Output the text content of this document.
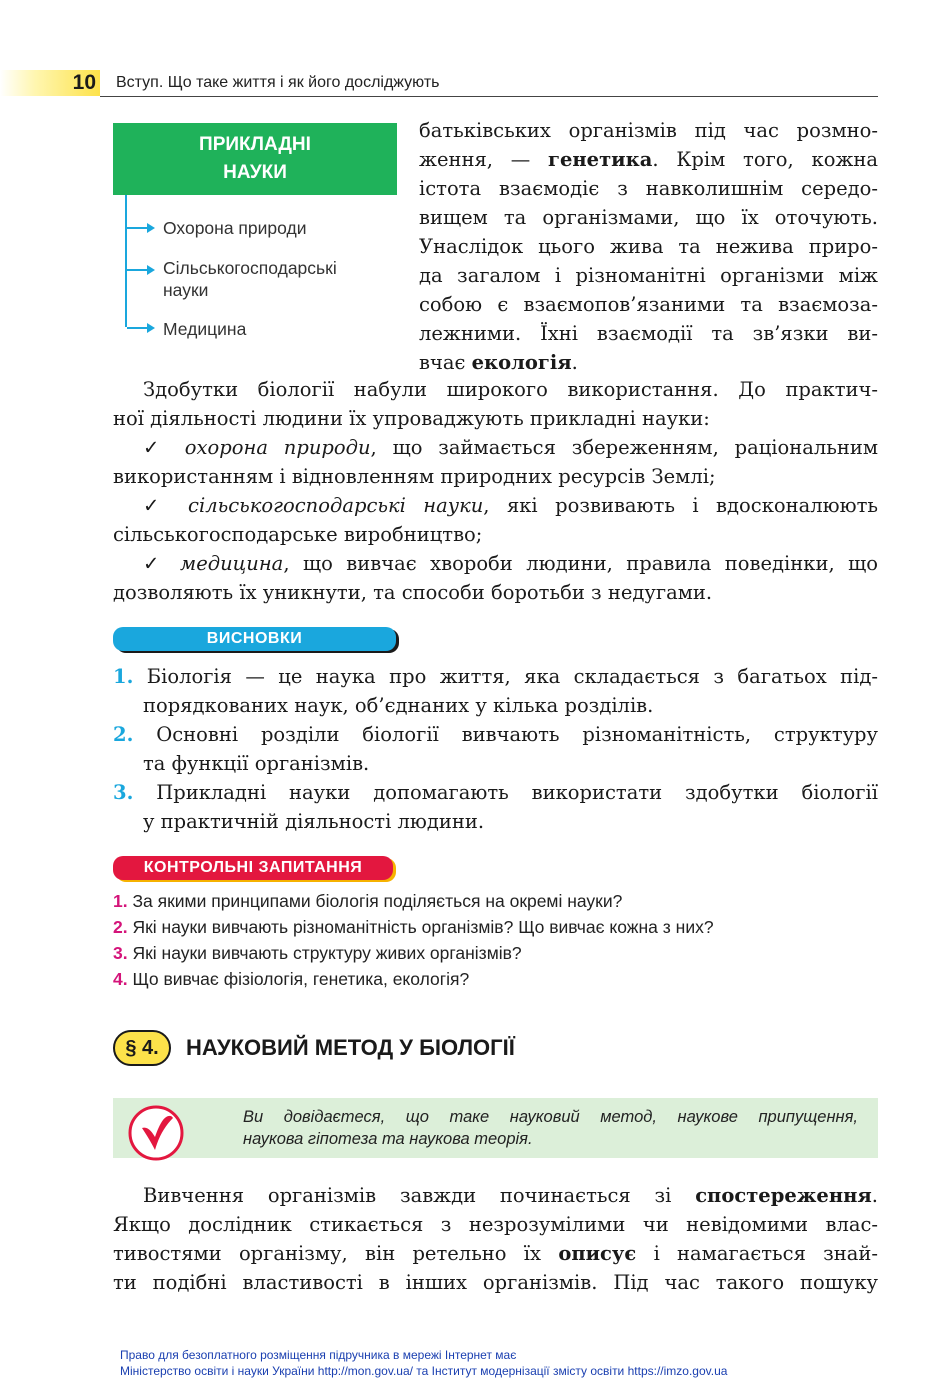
10 Вступ. Що таке життя і як його досліджують
ПРИКЛАДНІ
НАУКИ
Охорона природи
Сільськогосподарські
науки
Медицина
батьківських організмів під час розмно-
ження, — генетика. Крім того, кожна
істота взаємодіє з навколишнім середо-
вищем та організмами, що їх оточують.
Унаслідок цього жива та нежива приро-
да загалом і різноманітні організми між
собою є взаємопов’язаними та взаємоза-
лежними. Їхні взаємодії та зв’язки ви-
вчає екологія.
Здобутки біології набули широкого використання. До практич-
ної діяльності людини їх упроваджують прикладні науки:
✓ охорона природи, що займається збереженням, раціональним
використанням і відновленням природних ресурсів Землі;
✓ сільськогосподарські науки, які розвивають і вдосконалюють
сільськогосподарське виробництво;
✓ медицина, що вивчає хвороби людини, правила поведінки, що
дозволяють їх уникнути, та способи боротьби з недугами.
ВИСНОВКИ
1. Біологія — це наука про життя, яка складається з багатьох під-
порядкованих наук, об’єднаних у кілька розділів.
2. Основні розділи біології вивчають різноманітність, структуру
та функції організмів.
3. Прикладні науки допомагають використати здобутки біології
у практичній діяльності людини.
КОНТРОЛЬНІ ЗАПИТАННЯ
1. За якими принципами біологія поділяється на окремі науки?
2. Які науки вивчають різноманітність організмів? Що вивчає кожна з них?
3. Які науки вивчають структуру живих організмів?
4. Що вивчає фізіологія, генетика, екологія?
§ 4.	НАУКОВИЙ МЕТОД У БІОЛОГІЇ
Ви довідаєтеся, що таке науковий метод, наукове припущення,
наукова гіпотеза та наукова теорія.
Вивчення організмів завжди починається зі спостереження.
Якщо дослідник стикається з незрозумілими чи невідомими влас-
тивостями організму, він ретельно їх описує і намагається знай-
ти подібні властивості в інших організмів. Під час такого пошуку
Право для безоплатного розміщення підручника в мережі Інтернет має
Міністерство освіти і науки України http://mon.gov.ua/ та Інститут модернізації змісту освіти https://imzo.gov.ua
